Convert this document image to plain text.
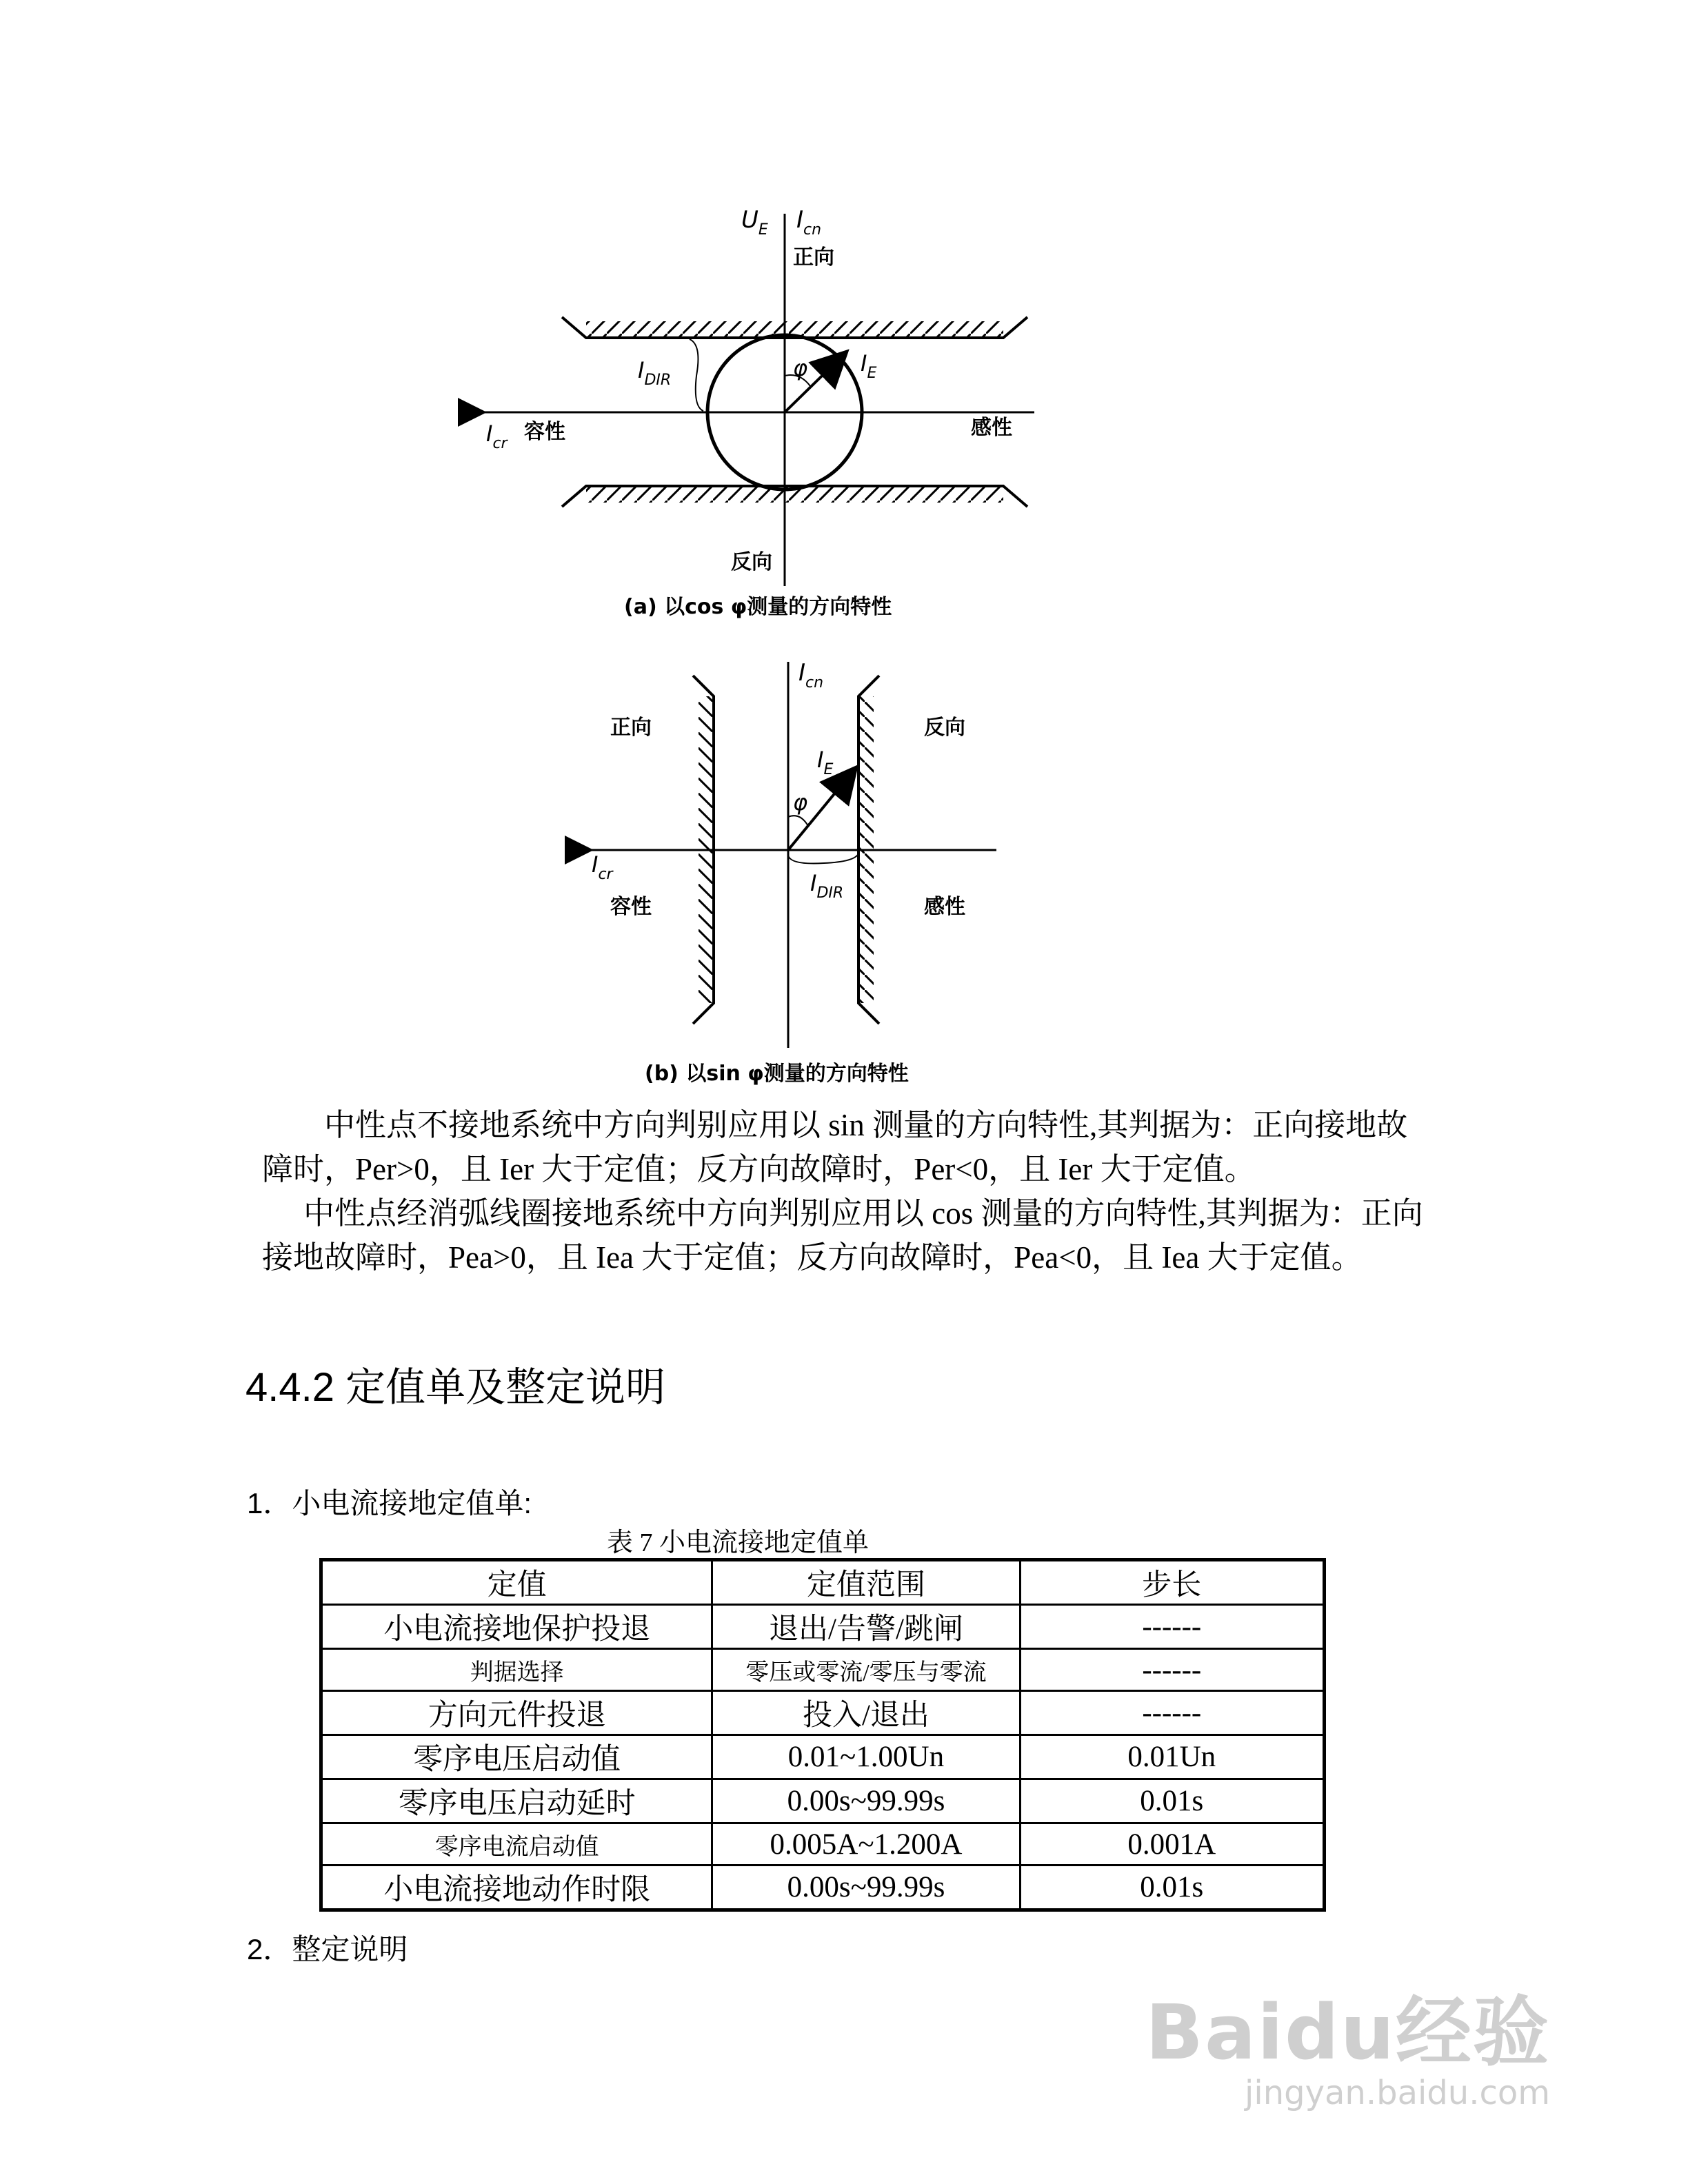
$U_E$ $I_{cn}$
正向
$I_{DIR}$	φ $I_E$
$I_{cr}$ 容性	感性
反向
(a) 以cos φ测量的方向特性
$I_{cn}$
正向	反向
$I_E$
φ
$I_{cr}$	$I_{DIR}$
容性	感性
(b) 以sin φ测量的方向特性

中性点不接地系统中方向判别应用以 sin 测量的方向特性,其判据为：正向接地故障时，Per>0，且 Ier 大于定值；反方向故障时，Per<0，且 Ier 大于定值。

中性点经消弧线圈接地系统中方向判别应用以 cos 测量的方向特性,其判据为：正向接地故障时，Pea>0，且 Iea 大于定值；反方向故障时，Pea<0，且 Iea 大于定值。

4.4.2 定值单及整定说明
1．小电流接地定值单:
表 7 小电流接地定值单
定值	定值范围	步长
小电流接地保护投退	退出/告警/跳闸	------
判据选择	零压或零流/零压与零流	------
方向元件投退	投入/退出	------
零序电压启动值	0.01~1.00Un	0.01Un
零序电压启动延时	0.00s~99.99s	0.01s
零序电流启动值	0.005A~1.200A	0.001A
小电流接地动作时限	0.00s~99.99s	0.01s
2．整定说明
Baidu经验
jingyan.baidu.com
